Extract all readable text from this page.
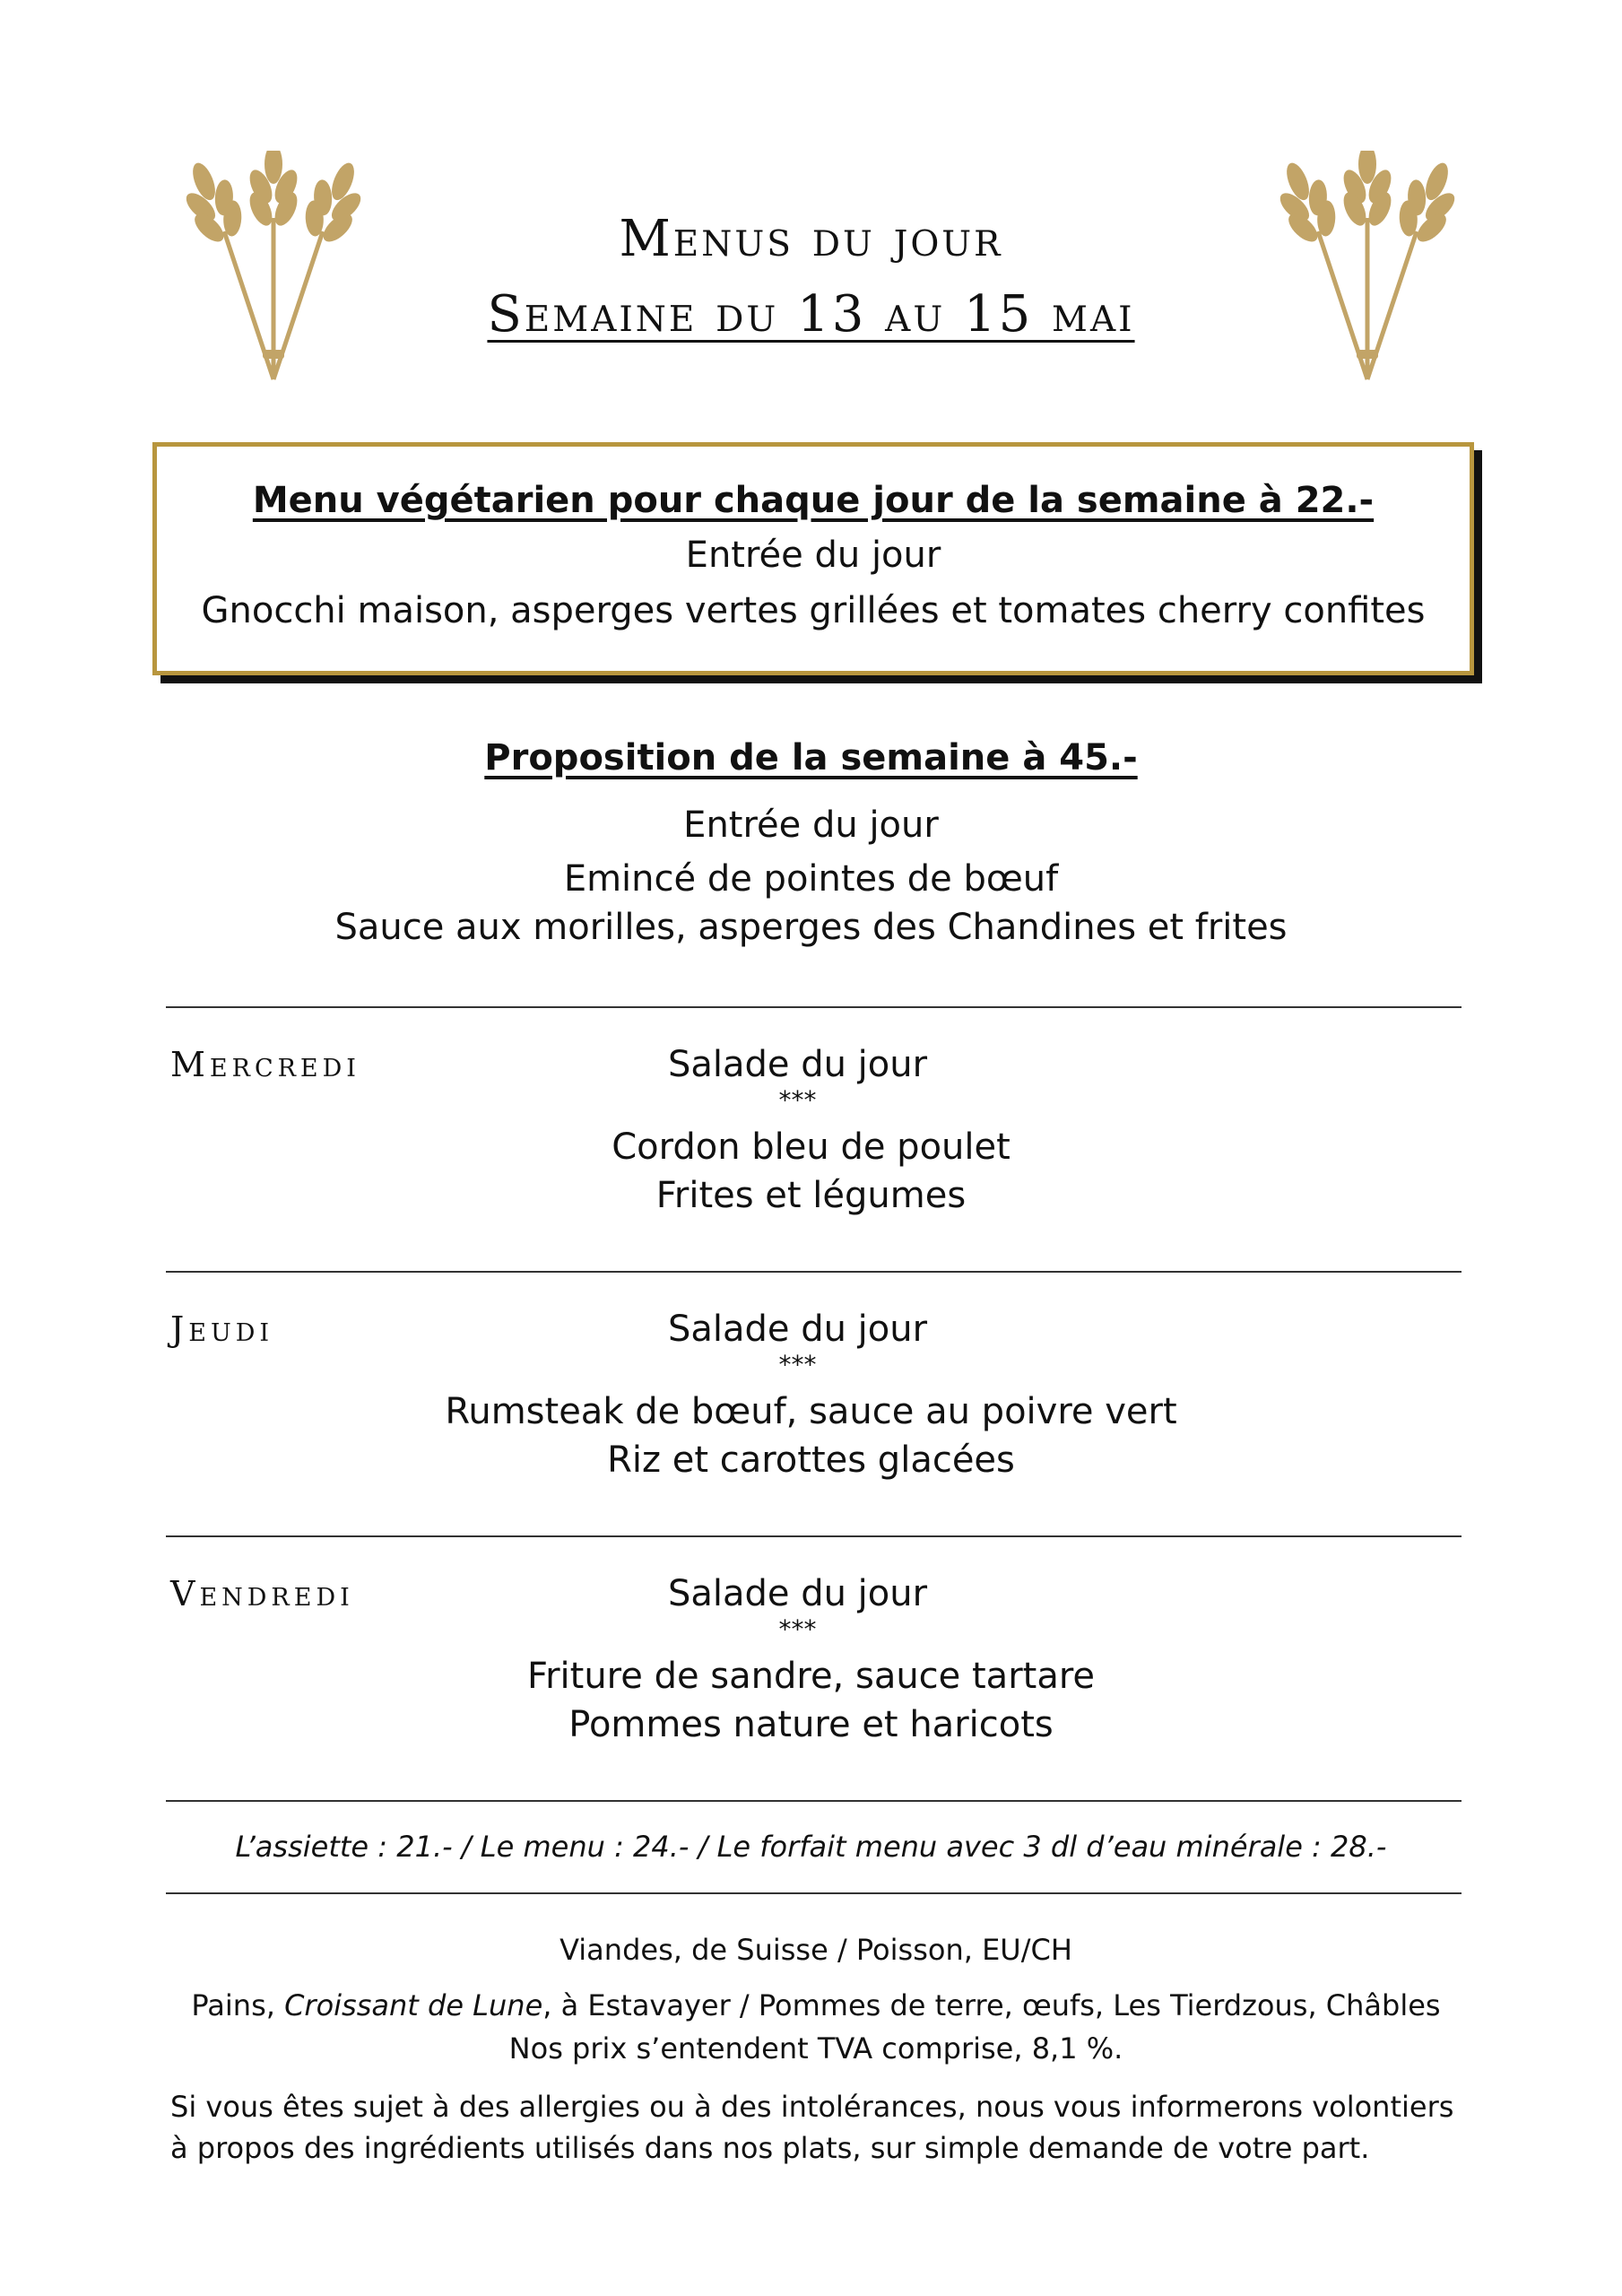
Menus du jour
Semaine du 13 au 15 mai
Menu végétarien pour chaque jour de la semaine à 22.-
Entrée du jour
Gnocchi maison, asperges vertes grillées et tomates cherry confites
Proposition de la semaine à 45.-
Entrée du jour
Emincé de pointes de bœuf
Sauce aux morilles, asperges des Chandines et frites
Mercredi	Salade du jour
***
Cordon bleu de poulet
Frites et légumes
Jeudi	Salade du jour
***
Rumsteak de bœuf, sauce au poivre vert
Riz et carottes glacées
Vendredi	Salade du jour
***
Friture de sandre, sauce tartare
Pommes nature et haricots
L’assiette : 21.- / Le menu : 24.- / Le forfait menu avec 3 dl d’eau minérale : 28.-
Viandes, de Suisse / Poisson, EU/CH
Pains, Croissant de Lune, à Estavayer / Pommes de terre, œufs, Les Tierdzous, Châbles
Nos prix s’entendent TVA comprise, 8,1 %.
Si vous êtes sujet à des allergies ou à des intolérances, nous vous informerons volontiers à propos des ingrédients utilisés dans nos plats, sur simple demande de votre part.
